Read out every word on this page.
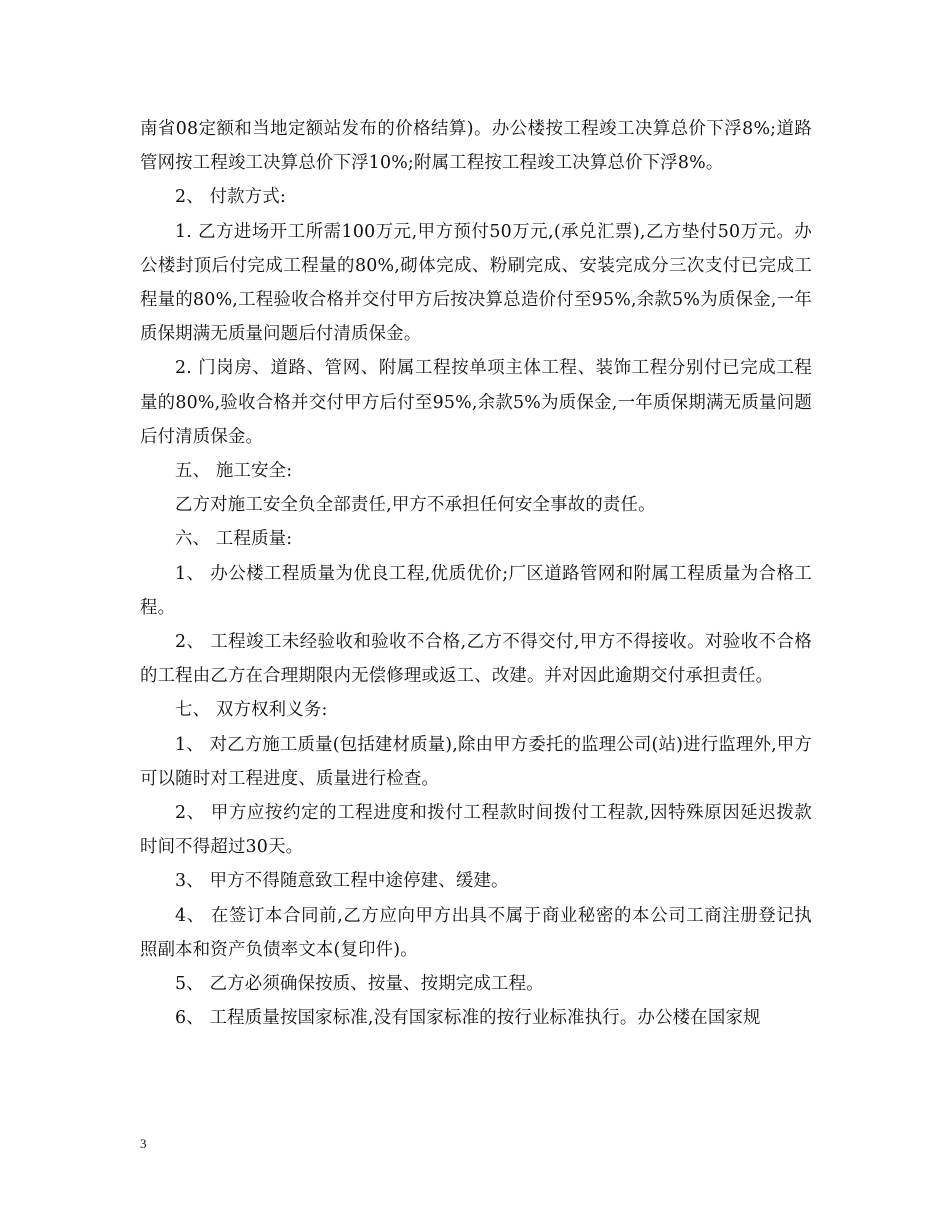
南省08定额和当地定额站发布的价格结算)。办公楼按工程竣工决算总价下浮8%;道路管网按工程竣工决算总价下浮10%;附属工程按工程竣工决算总价下浮8%。

2、 付款方式:

1. 乙方进场开工所需100万元,甲方预付50万元,(承兑汇票),乙方垫付50万元。办公楼封顶后付完成工程量的80%,砌体完成、粉刷完成、安装完成分三次支付已完成工程量的80%,工程验收合格并交付甲方后按决算总造价付至95%,余款5%为质保金,一年质保期满无质量问题后付清质保金。

2. 门岗房、道路、管网、附属工程按单项主体工程、装饰工程分别付已完成工程量的80%,验收合格并交付甲方后付至95%,余款5%为质保金,一年质保期满无质量问题后付清质保金。

五、 施工安全:

乙方对施工安全负全部责任,甲方不承担任何安全事故的责任。

六、 工程质量:

1、 办公楼工程质量为优良工程,优质优价;厂区道路管网和附属工程质量为合格工程。

2、 工程竣工未经验收和验收不合格,乙方不得交付,甲方不得接收。对验收不合格的工程由乙方在合理期限内无偿修理或返工、改建。并对因此逾期交付承担责任。

七、 双方权利义务:

1、 对乙方施工质量(包括建材质量),除由甲方委托的监理公司(站)进行监理外,甲方可以随时对工程进度、质量进行检查。

2、 甲方应按约定的工程进度和拨付工程款时间拨付工程款,因特殊原因延迟拨款时间不得超过30天。

3、 甲方不得随意致工程中途停建、缓建。

4、 在签订本合同前,乙方应向甲方出具不属于商业秘密的本公司工商注册登记执照副本和资产负债率文本(复印件)。

5、 乙方必须确保按质、按量、按期完成工程。

6、 工程质量按国家标准,没有国家标准的按行业标准执行。办公楼在国家规

3
